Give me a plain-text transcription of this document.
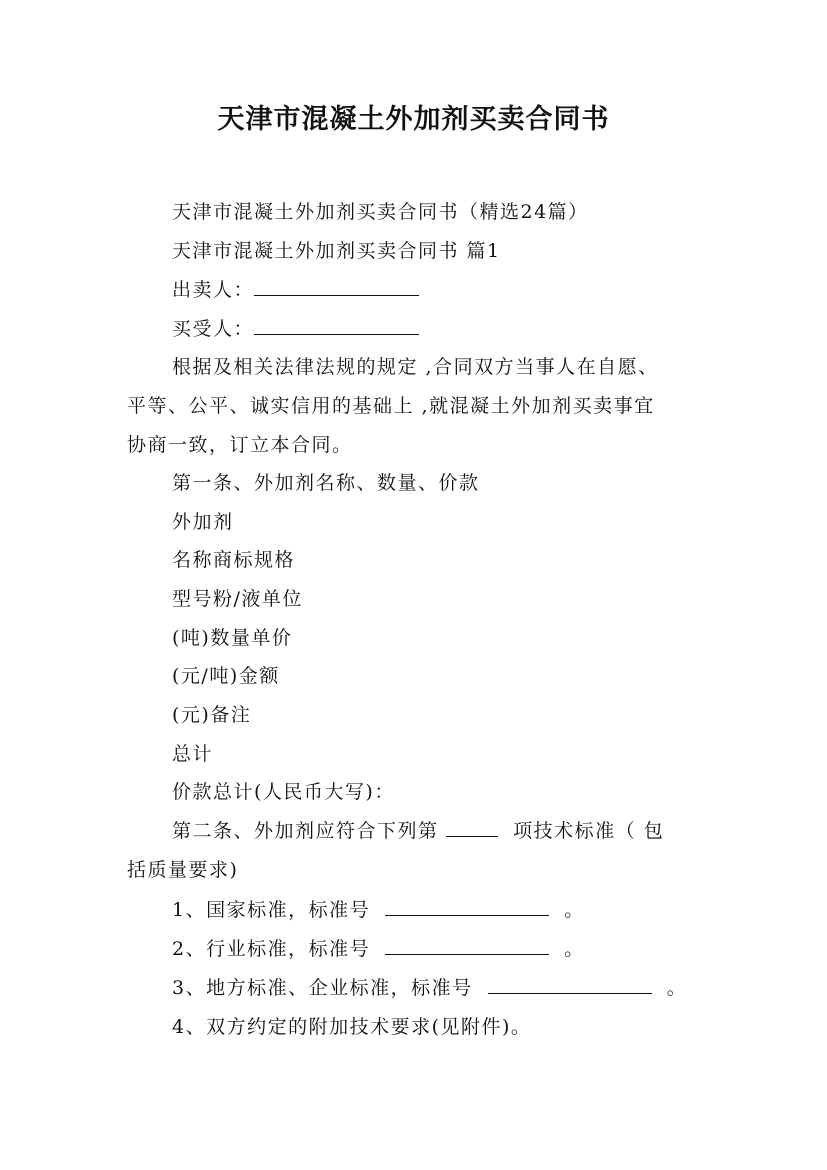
天津市混凝土外加剂买卖合同书

天津市混凝土外加剂买卖合同书（精选24篇）

天津市混凝土外加剂买卖合同书 篇1

出卖人：

买受人：

根据及相关法律法规的规定 ,合同双方当事人在自愿、

平等、公平、诚实信用的基础上 ,就混凝土外加剂买卖事宜

协商一致，订立本合同。

第一条、外加剂名称、数量、价款

外加剂

名称商标规格

型号粉/液单位

(吨)数量单价

(元/吨)金额

(元)备注

总计

价款总计(人民币大写)：

第二条、外加剂应符合下列第	项技术标准（ 包

括质量要求)

1、国家标准，标准号	。

2、行业标准，标准号	。

3、地方标准、企业标准，标准号	。

4、双方约定的附加技术要求(见附件)。
